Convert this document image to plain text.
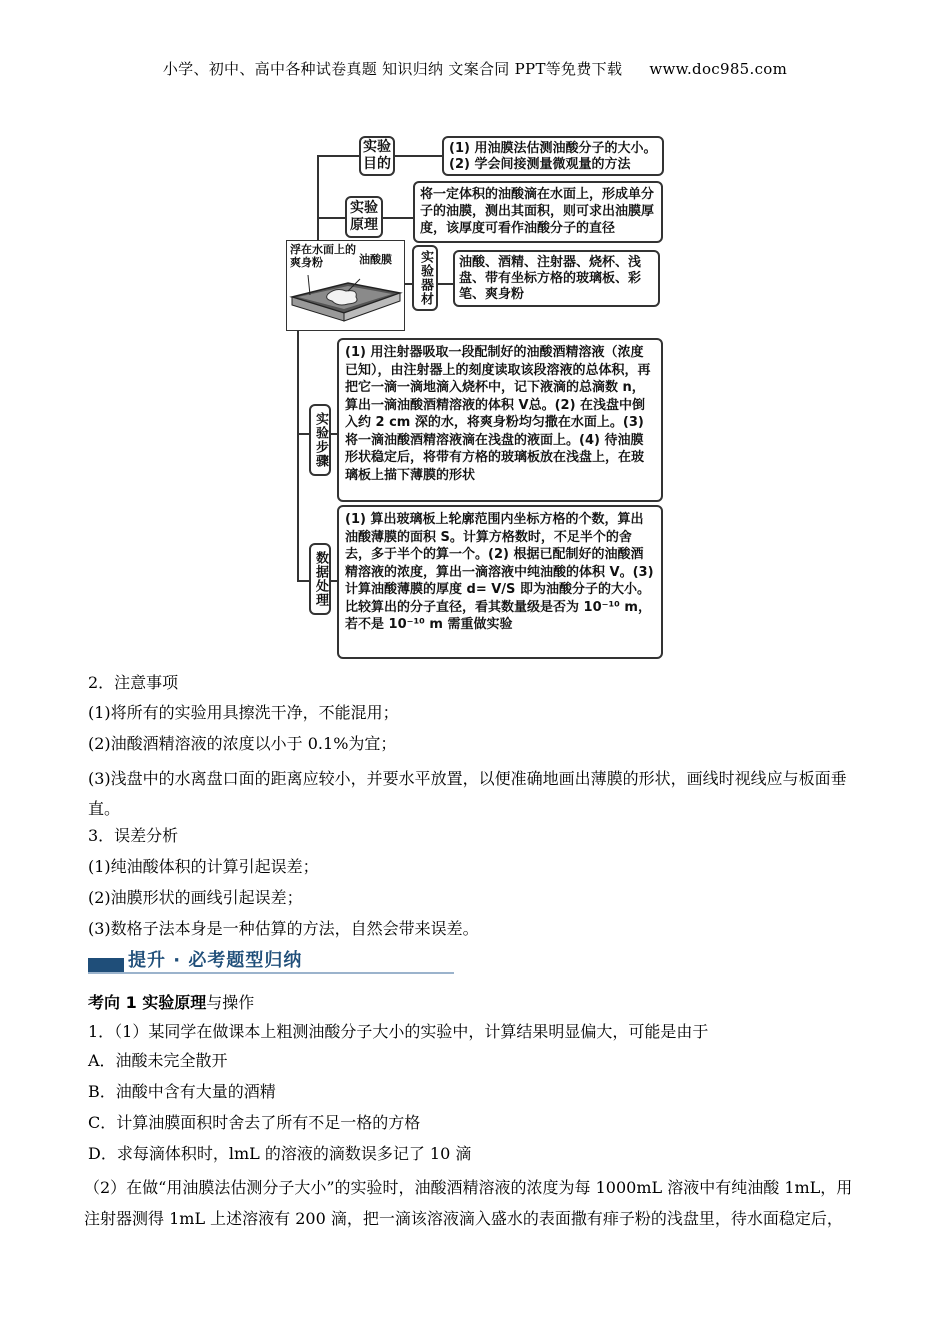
小学、初中、高中各种试卷真题 知识归纳 文案合同 PPT等免费下载 www.doc985.com
实验目的
(1) 用油膜法估测油酸分子的大小。(2) 学会间接测量微观量的方法
实验原理
将一定体积的油酸滴在水面上，形成单分子的油膜，测出其面积，则可求出油膜厚度，该厚度可看作油酸分子的直径
浮在水面上的爽身粉	油酸膜 实验器材	油酸、酒精、注射器、烧杯、浅盘、带有坐标方格的玻璃板、彩笔、爽身粉
实验步骤
(1) 用注射器吸取一段配制好的油酸酒精溶液（浓度已知），由注射器上的刻度读取该段溶液的总体积，再把它一滴一滴地滴入烧杯中，记下液滴的总滴数 n，算出一滴油酸酒精溶液的体积 V总。(2) 在浅盘中倒入约 2 cm 深的水，将爽身粉均匀撒在水面上。(3) 将一滴油酸酒精溶液滴在浅盘的液面上。(4) 待油膜形状稳定后，将带有方格的玻璃板放在浅盘上，在玻璃板上描下薄膜的形状
数据处理
(1) 算出玻璃板上轮廓范围内坐标方格的个数，算出油酸薄膜的面积 S。计算方格数时，不足半个的舍去，多于半个的算一个。(2) 根据已配制好的油酸酒精溶液的浓度，算出一滴溶液中纯油酸的体积 V。(3) 计算油酸薄膜的厚度 d= V/S 即为油酸分子的大小。比较算出的分子直径，看其数量级是否为 10⁻¹⁰ m，若不是 10⁻¹⁰ m 需重做实验
2．注意事项
(1)将所有的实验用具擦洗干净，不能混用；
(2)油酸酒精溶液的浓度以小于 0.1%为宜；
(3)浅盘中的水离盘口面的距离应较小，并要水平放置，以便准确地画出薄膜的形状，画线时视线应与板面垂直。
3．误差分析
(1)纯油酸体积的计算引起误差；
(2)油膜形状的画线引起误差；
(3)数格子法本身是一种估算的方法，自然会带来误差。
提升 · 必考题型归纳
考向 1 实验原理与操作
1．（1）某同学在做课本上粗测油酸分子大小的实验中，计算结果明显偏大，可能是由于
A．油酸未完全散开
B．油酸中含有大量的酒精
C．计算油膜面积时舍去了所有不足一格的方格
D．求每滴体积时，lmL 的溶液的滴数误多记了 10 滴
（2）在做“用油膜法估测分子大小”的实验时，油酸酒精溶液的浓度为每 1000mL 溶液中有纯油酸 1mL，用注射器测得 1mL 上述溶液有 200 滴，把一滴该溶液滴入盛水的表面撒有痱子粉的浅盘里，待水面稳定后，
